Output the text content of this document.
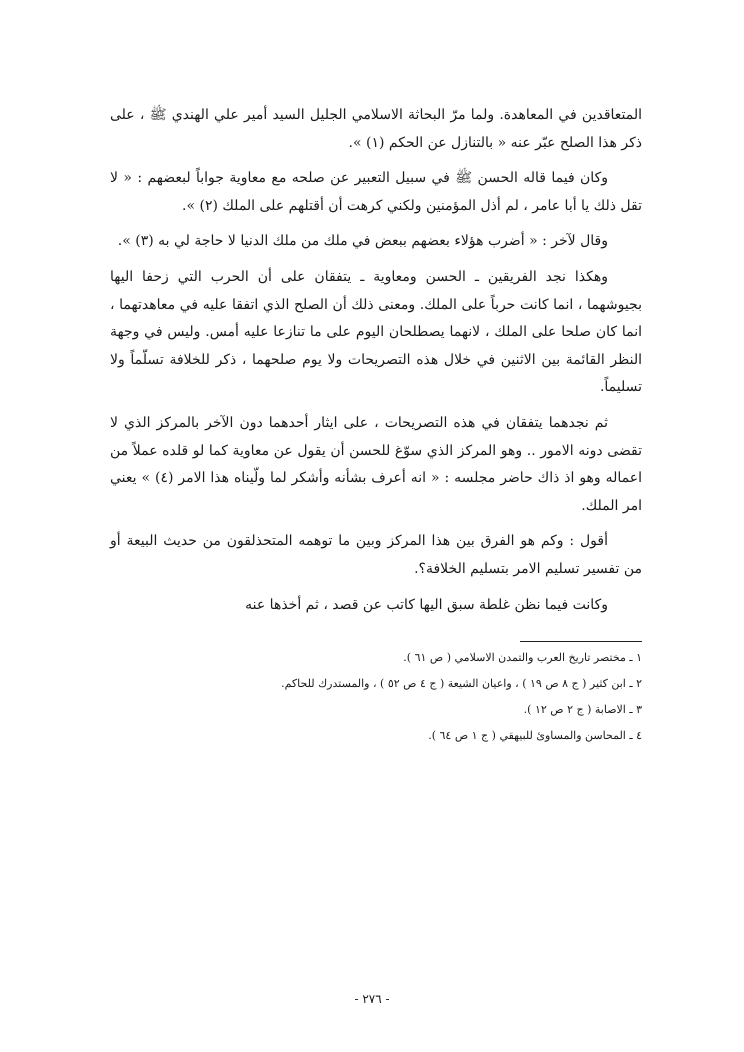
المتعاقدين في المعاهدة. ولما مرّ البحاثة الاسلامي الجليل السيد أمير علي الهندي ﷺ ، على ذكر هذا الصلح عبّر عنه « بالتنازل عن الحكم (١) ».

وكان فيما قاله الحسن ﷺ في سبيل التعبير عن صلحه مع معاوية جواباً لبعضهم : « لا تقل ذلك يا أبا عامر ، لم أذل المؤمنين ولكني كرهت أن أقتلهم على الملك (٢) ».

وقال لآخر : « أضرب هؤلاء بعضهم ببعض في ملك من ملك الدنيا لا حاجة لي به (٣) ».

وهكذا نجد الفريقين ـ الحسن ومعاوية ـ يتفقان على أن الحرب التي زحفا اليها بجيوشهما ، انما كانت حرباً على الملك. ومعنى ذلك أن الصلح الذي اتفقا عليه في معاهدتهما ، انما كان صلحا على الملك ، لانهما يصطلحان اليوم على ما تنازعا عليه أمس. وليس في وجهة النظر القائمة بين الاثنين في خلال هذه التصريحات ولا يوم صلحهما ، ذكر للخلافة تسلّماً ولا تسليماً.

ثم نجدهما يتفقان في هذه التصريحات ، على ايثار أحدهما دون الآخر بالمركز الذي لا تقضى دونه الامور .. وهو المركز الذي سوّغ للحسن أن يقول عن معاوية كما لو قلده عملاً من اعماله وهو اذ ذاك حاضر مجلسه : « انه أعرف بشأنه وأشكر لما ولّيناه هذا الامر (٤) » يعني امر الملك.

أقول : وكم هو الفرق بين هذا المركز وبين ما توهمه المتحذلقون من حديث البيعة أو من تفسير تسليم الامر بتسليم الخلافة؟.

وكانت فيما نظن غلطة سبق اليها كاتب عن قصد ، ثم أخذها عنه

١ ـ مختصر تاريخ العرب والتمدن الاسلامي ( ص ٦١ ).

٢ ـ ابن كثير ( ج ٨ ص ١٩ ) ، واعيان الشيعة ( ج ٤ ص ٥٢ ) ، والمستدرك للحاكم.

٣ ـ الاصابة ( ج ٢ ص ١٢ ).

٤ ـ المحاسن والمساوئ للبيهقي ( ج ١ ص ٦٤ ).

- ٢٧٦ -
